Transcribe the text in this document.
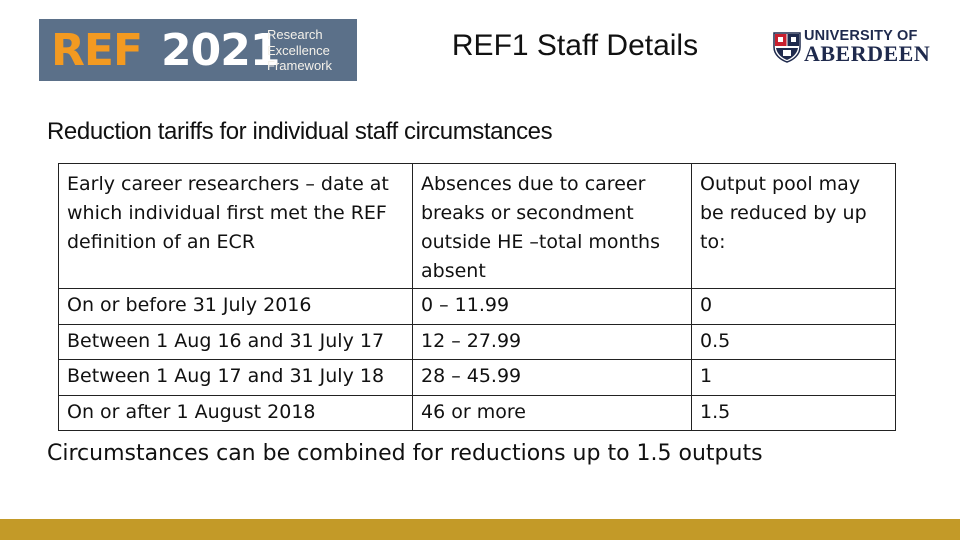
REF 2021
Research
Excellence
Framework
REF1 Staff Details	UNIVERSITY OF
ABERDEEN
Reduction tariffs for individual staff circumstances
Early career researchers – date at which individual first met the REF definition of an ECR	Absences due to career breaks or secondment outside HE –total months absent	Output pool may be reduced by up to:
On or before 31 July 2016	0 – 11.99	0
Between 1 Aug 16 and 31 July 17	12 – 27.99	0.5
Between 1 Aug 17 and 31 July 18	28 – 45.99	1
On or after 1 August 2018	46 or more	1.5
Circumstances can be combined for reductions up to 1.5 outputs
